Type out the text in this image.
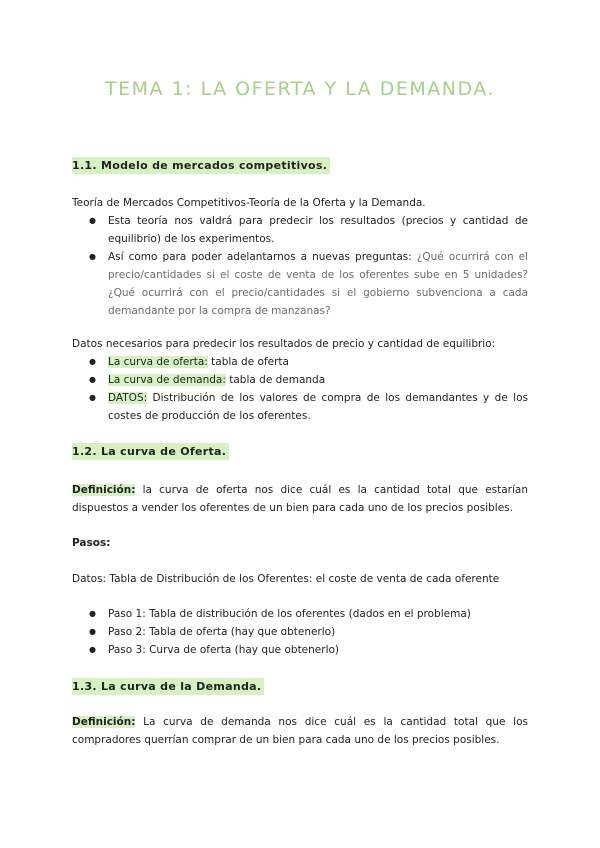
TEMA 1: LA OFERTA Y LA DEMANDA.
1.1. Modelo de mercados competitivos.

Teoría de Mercados Competitivos-Teoría de la Oferta y la Demanda.

● Esta teoría nos valdrá para predecir los resultados (precios y cantidad de equilibrio) de los experimentos.
● Así como para poder adelantarnos a nuevas preguntas: ¿Qué ocurrirá con el precio/cantidades si el coste de venta de los oferentes sube en 5 unidades? ¿Qué ocurrirá con el precio/cantidades si el gobierno subvenciona a cada demandante por la compra de manzanas?

Datos necesarios para predecir los resultados de precio y cantidad de equilibrio:

● La curva de oferta: tabla de oferta
● La curva de demanda: tabla de demanda
● DATOS: Distribución de los valores de compra de los demandantes y de los costes de producción de los oferentes.
1.2. La curva de Oferta.

Definición: la curva de oferta nos dice cuál es la cantidad total que estarían dispuestos a vender los oferentes de un bien para cada uno de los precios posibles.

Pasos:

Datos: Tabla de Distribución de los Oferentes: el coste de venta de cada oferente

● Paso 1: Tabla de distribución de los oferentes (dados en el problema)
● Paso 2: Tabla de oferta (hay que obtenerlo)
● Paso 3: Curva de oferta (hay que obtenerlo)
1.3. La curva de la Demanda.

Definición: La curva de demanda nos dice cuál es la cantidad total que los compradores querrían comprar de un bien para cada uno de los precios posibles.
